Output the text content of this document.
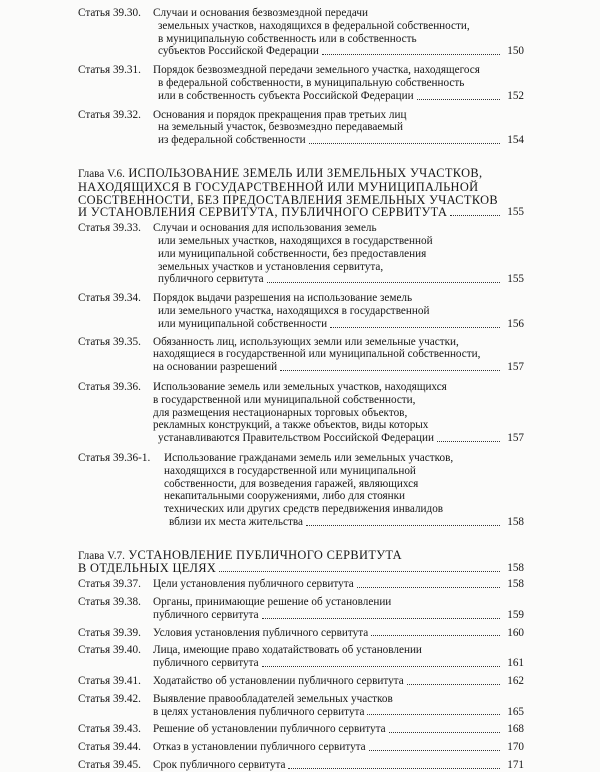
Статья 39.30. Случаи и основания безвозмездной передачи
земельных участков, находящихся в федеральной собственности,
в муниципальную собственность или в собственность
субъектов Российской Федерации	150
Статья 39.31. Порядок безвозмездной передачи земельного участка, находящегося
в федеральной собственности, в муниципальную собственность
или в собственность субъекта Российской Федерации	152
Статья 39.32. Основания и порядок прекращения прав третьих лиц
на земельный участок, безвозмездно передаваемый
из федеральной собственности	154
Глава V.6. ИСПОЛЬЗОВАНИЕ ЗЕМЕЛЬ ИЛИ ЗЕМЕЛЬНЫХ УЧАСТКОВ,
НАХОДЯЩИХСЯ В ГОСУДАРСТВЕННОЙ ИЛИ МУНИЦИПАЛЬНОЙ
СОБСТВЕННОСТИ, БЕЗ ПРЕДОСТАВЛЕНИЯ ЗЕМЕЛЬНЫХ УЧАСТКОВ
И УСТАНОВЛЕНИЯ СЕРВИТУТА, ПУБЛИЧНОГО СЕРВИТУТА	155
Статья 39.33. Случаи и основания для использования земель
или земельных участков, находящихся в государственной
или муниципальной собственности, без предоставления
земельных участков и установления сервитута,
публичного сервитута	155
Статья 39.34. Порядок выдачи разрешения на использование земель
или земельного участка, находящихся в государственной
или муниципальной собственности	156
Статья 39.35. Обязанность лиц, использующих земли или земельные участки,
находящиеся в государственной или муниципальной собственности,
на основании разрешений	157
Статья 39.36. Использование земель или земельных участков, находящихся
в государственной или муниципальной собственности,
для размещения нестационарных торговых объектов,
рекламных конструкций, а также объектов, виды которых
устанавливаются Правительством Российской Федерации	157
Статья 39.36-1. Использование гражданами земель или земельных участков,
находящихся в государственной или муниципальной
собственности, для возведения гаражей, являющихся
некапитальными сооружениями, либо для стоянки
технических или других средств передвижения инвалидов
вблизи их места жительства	158
Глава V.7. УСТАНОВЛЕНИЕ ПУБЛИЧНОГО СЕРВИТУТА
В ОТДЕЛЬНЫХ ЦЕЛЯХ	158
Статья 39.37. Цели установления публичного сервитута	158
Статья 39.38. Органы, принимающие решение об установлении
публичного сервитута	159
Статья 39.39. Условия установления публичного сервитута	160
Статья 39.40. Лица, имеющие право ходатайствовать об установлении
публичного сервитута	161
Статья 39.41. Ходатайство об установлении публичного сервитута	162
Статья 39.42. Выявление правообладателей земельных участков
в целях установления публичного сервитута	165
Статья 39.43. Решение об установлении публичного сервитута	168
Статья 39.44. Отказ в установлении публичного сервитута	170
Статья 39.45. Срок публичного сервитута	171
